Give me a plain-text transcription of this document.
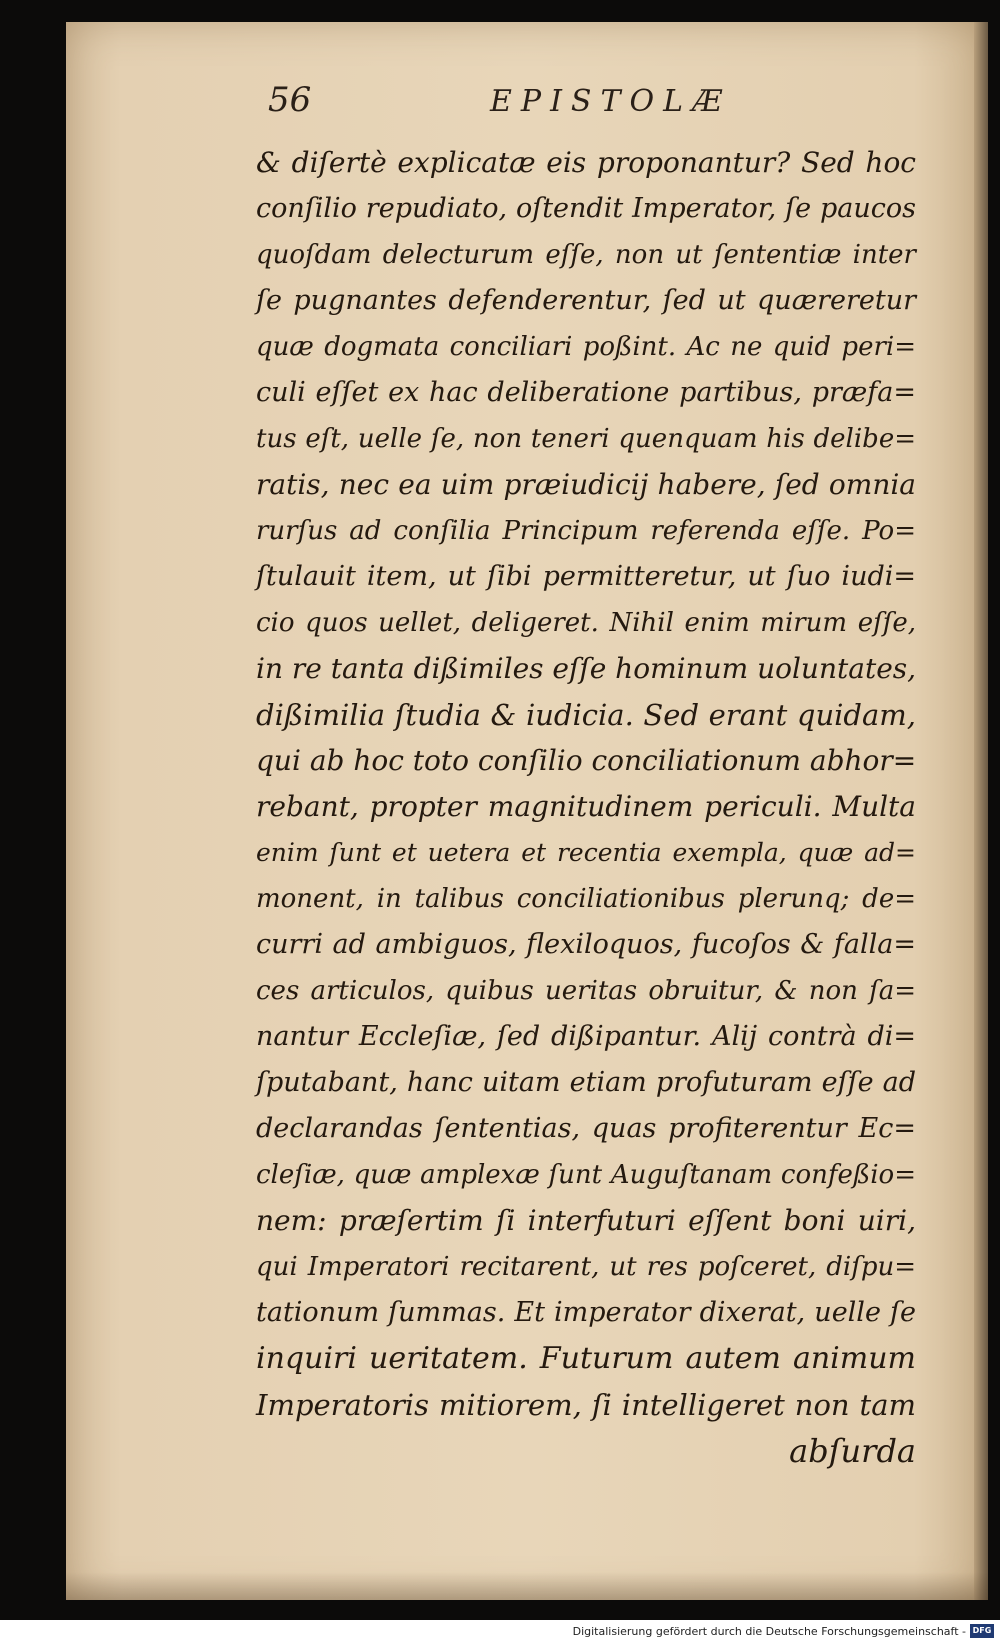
56	EPISTOLÆ
& diſertè explicatæ eis proponantur? Sed hoc
conſilio repudiato, oſtendit Imperator, ſe paucos
quoſdam delecturum eſſe, non ut ſententiæ inter
ſe pugnantes defenderentur, ſed ut quæreretur
quæ dogmata conciliari poßint. Ac ne quid peri=
culi eſſet ex hac deliberatione partibus, præfa=
tus eſt, uelle ſe, non teneri quenquam his delibe=
ratis, nec ea uim præiudicij habere, ſed omnia
rurſus ad conſilia Principum referenda eſſe. Po=
ſtulauit item, ut ſibi permitteretur, ut ſuo iudi=
cio quos uellet, deligeret. Nihil enim mirum eſſe,
in re tanta dißimiles eſſe hominum uoluntates,
dißimilia ſtudia & iudicia. Sed erant quidam,
qui ab hoc toto conſilio conciliationum abhor=
rebant, propter magnitudinem periculi. Multa
enim ſunt et uetera et recentia exempla, quæ ad=
monent, in talibus conciliationibus plerunq; de=
curri ad ambiguos, flexiloquos, fucoſos & falla=
ces articulos, quibus ueritas obruitur, & non ſa=
nantur Eccleſiæ, ſed dißipantur. Alij contrà di=
ſputabant, hanc uitam etiam profuturam eſſe ad
declarandas ſententias, quas profiterentur Ec=
cleſiæ, quæ amplexæ ſunt Auguſtanam confeßio=
nem: præſertim ſi interfuturi eſſent boni uiri,
qui Imperatori recitarent, ut res poſceret, diſpu=
tationum ſummas. Et imperator dixerat, uelle ſe
inquiri ueritatem. Futurum autem animum
Imperatoris mitiorem, ſi intelligeret non tam
abſurda
Digitalisierung gefördert durch die Deutsche Forschungsgemeinschaft - DFG
